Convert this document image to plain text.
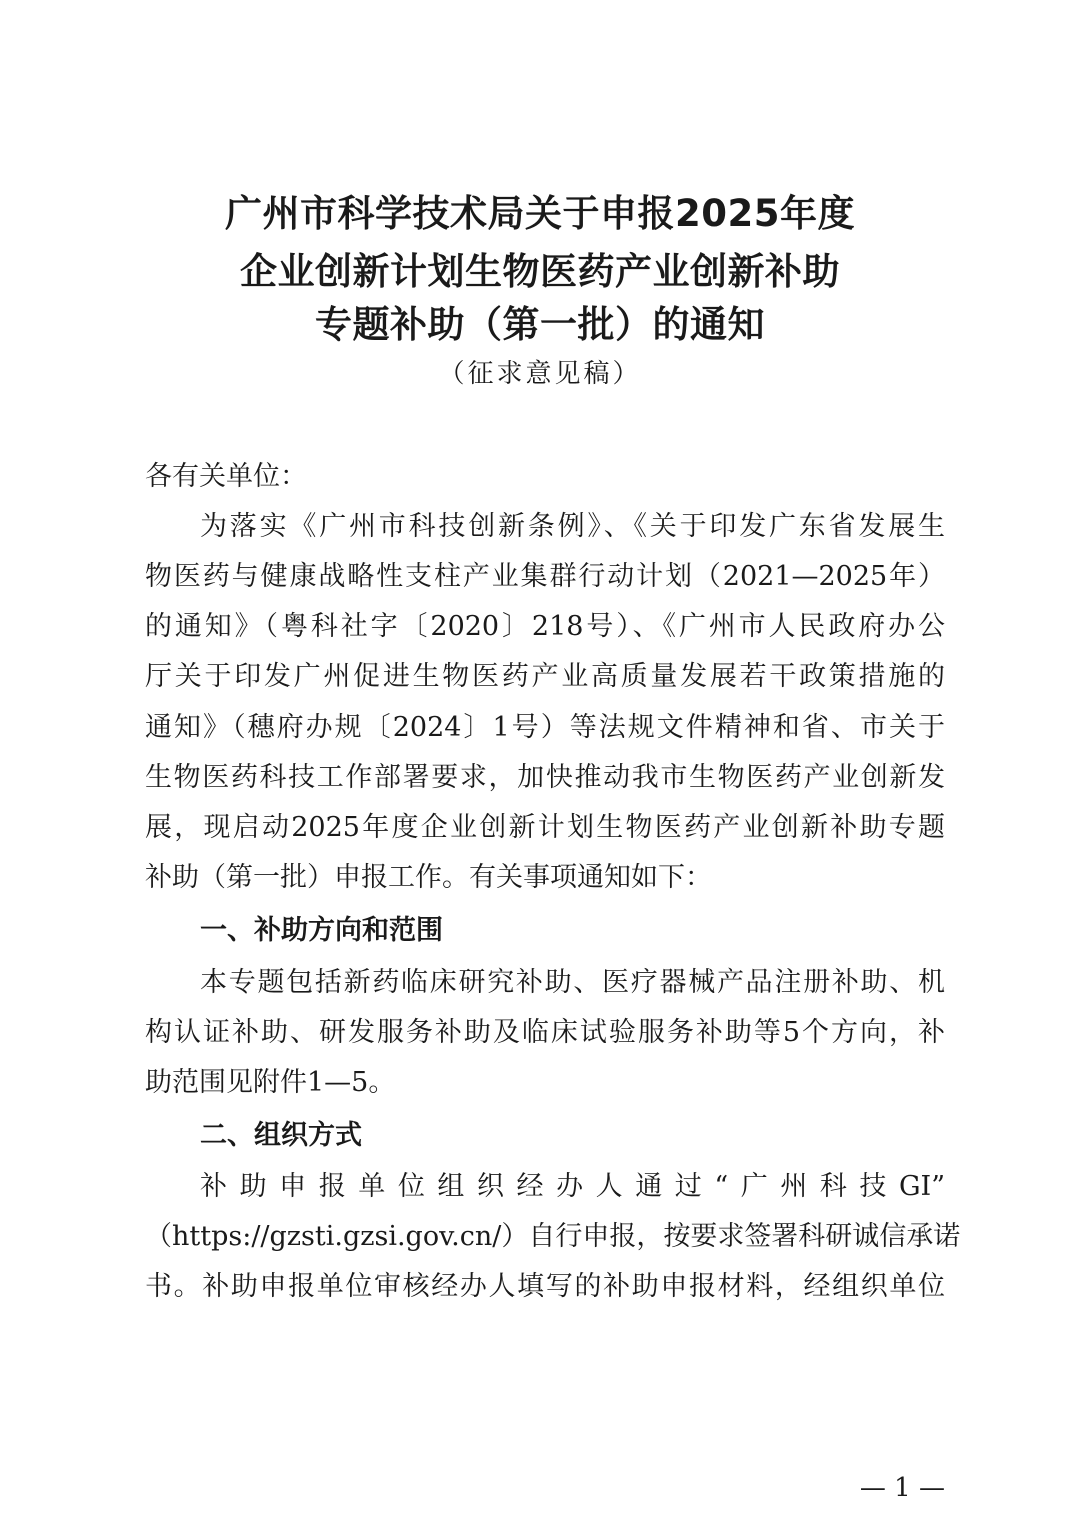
广州市科学技术局关于申报2025年度
企业创新计划生物医药产业创新补助
专题补助（第一批）的通知
（征求意见稿）
各有关单位：
为落实《广州市科技创新条例》、《关于印发广东省发展生
物医药与健康战略性支柱产业集群行动计划（2021—2025年）
的通知》（粤科社字〔2020〕218号）、《广州市人民政府办公
厅关于印发广州促进生物医药产业高质量发展若干政策措施的
通知》（穗府办规〔2024〕1号）等法规文件精神和省、市关于
生物医药科技工作部署要求，加快推动我市生物医药产业创新发
展，现启动2025年度企业创新计划生物医药产业创新补助专题
补助（第一批）申报工作。有关事项通知如下：
一、补助方向和范围
本专题包括新药临床研究补助、医疗器械产品注册补助、机
构认证补助、研发服务补助及临床试验服务补助等5个方向，补
助范围见附件1—5。
二、组织方式
补助申报单位组织经办人通过“广州科技GI”
（https://gzsti.gzsi.gov.cn/）自行申报，按要求签署科研诚信承诺
书。补助申报单位审核经办人填写的补助申报材料，经组织单位
— 1 —
